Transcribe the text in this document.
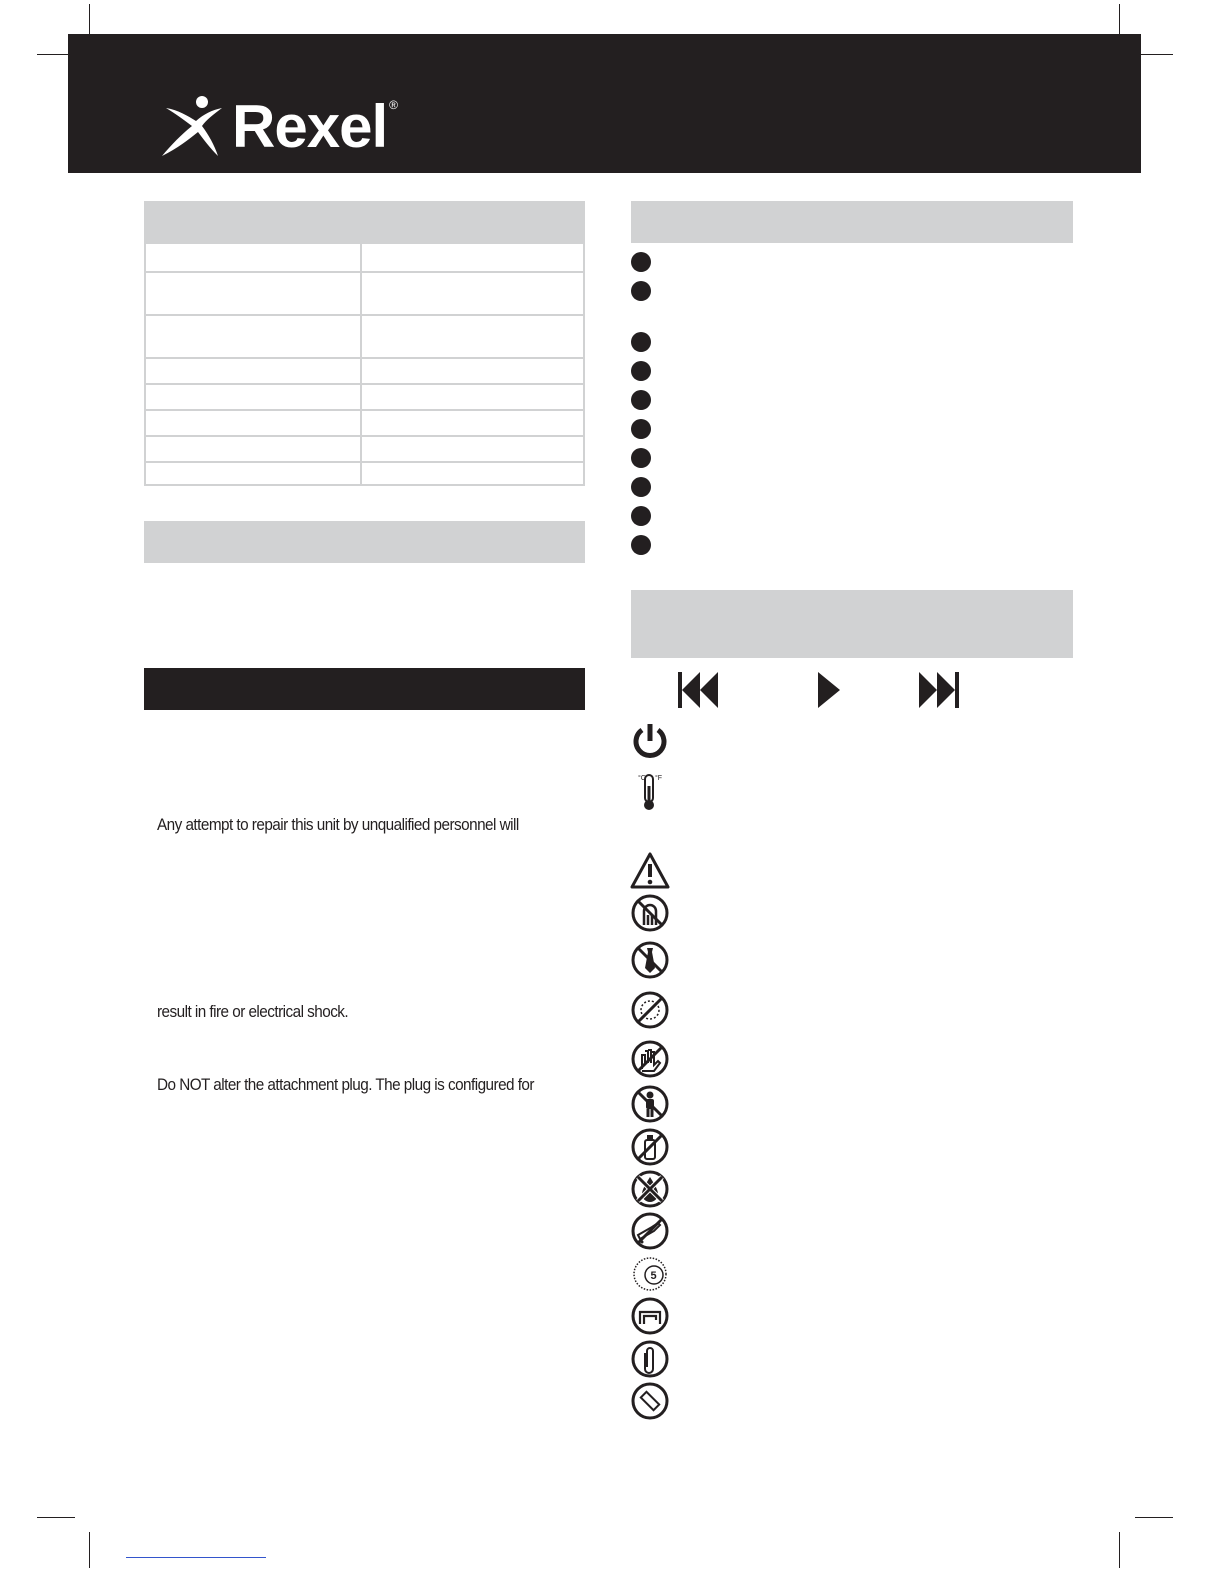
Rexel ®
Any attempt to repair this unit by unqualified personnel will
result in fire or electrical shock.
Do NOT alter the attachment plug. The plug is configured for
°C °F
5
